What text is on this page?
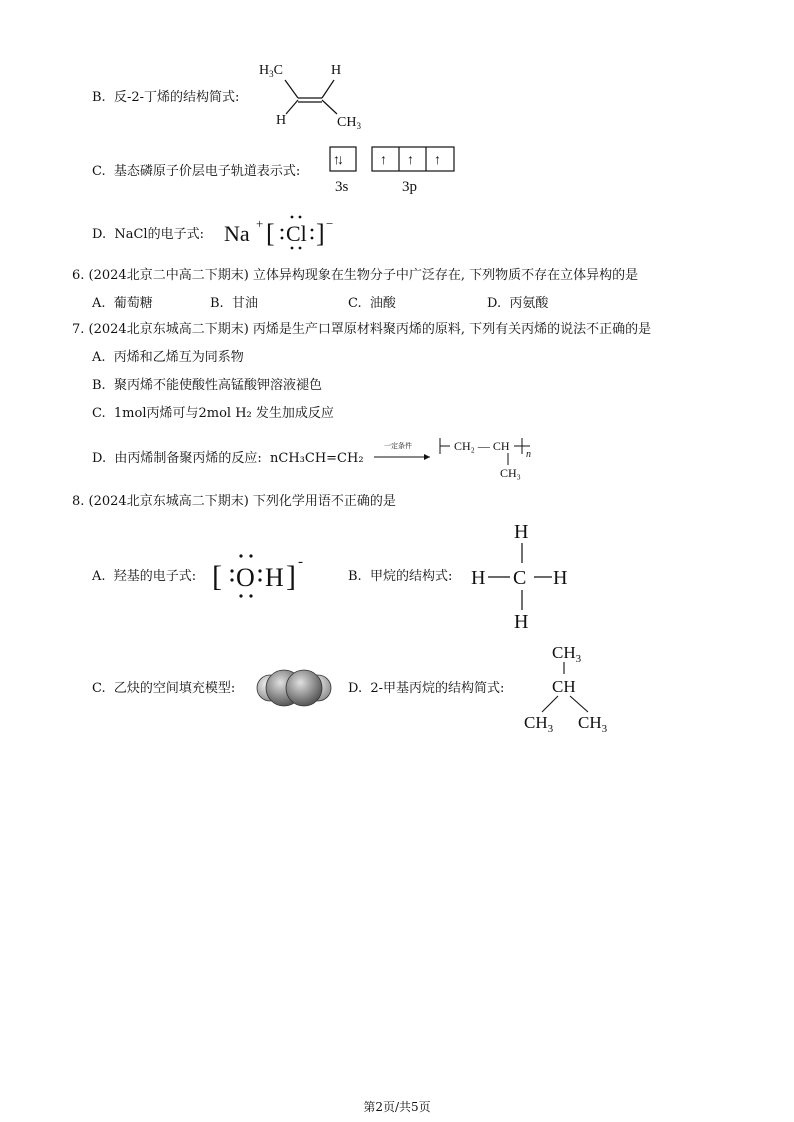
B. 反-2-丁烯的结构简式:
$H_3C$	H
H	$CH_3$
C. 基态磷原子价层电子轨道表示式:
↑↓	↑ ↑ ↑
3s	3p
D. NaCl的电子式: Na + [ Cl ] −
6. (2024北京二中高二下期末) 立体异构现象在生物分子中广泛存在, 下列物质不存在立体异构的是
A. 葡萄糖	B. 甘油	C. 油酸	D. 丙氨酸
7. (2024北京东城高二下期末) 丙烯是生产口罩原材料聚丙烯的原料, 下列有关丙烯的说法不正确的是
A. 丙烯和乙烯互为同系物
B. 聚丙烯不能使酸性高锰酸钾溶液褪色
C. 1mol丙烯可与2mol H₂ 发生加成反应
D. 由丙烯制备聚丙烯的反应: nCH₃CH=CH₂
一定条件	CH₂ — CH
n
CH₃
8. (2024北京东城高二下期末) 下列化学用语不正确的是
A. 羟基的电子式: [ O H ] -
B. 甲烷的结构式:
H
H C H
H
C. 乙炔的空间填充模型:	D. 2-甲基丙烷的结构简式:
$CH_3$
CH
$CH_3$ $CH_3$
第2页/共5页
